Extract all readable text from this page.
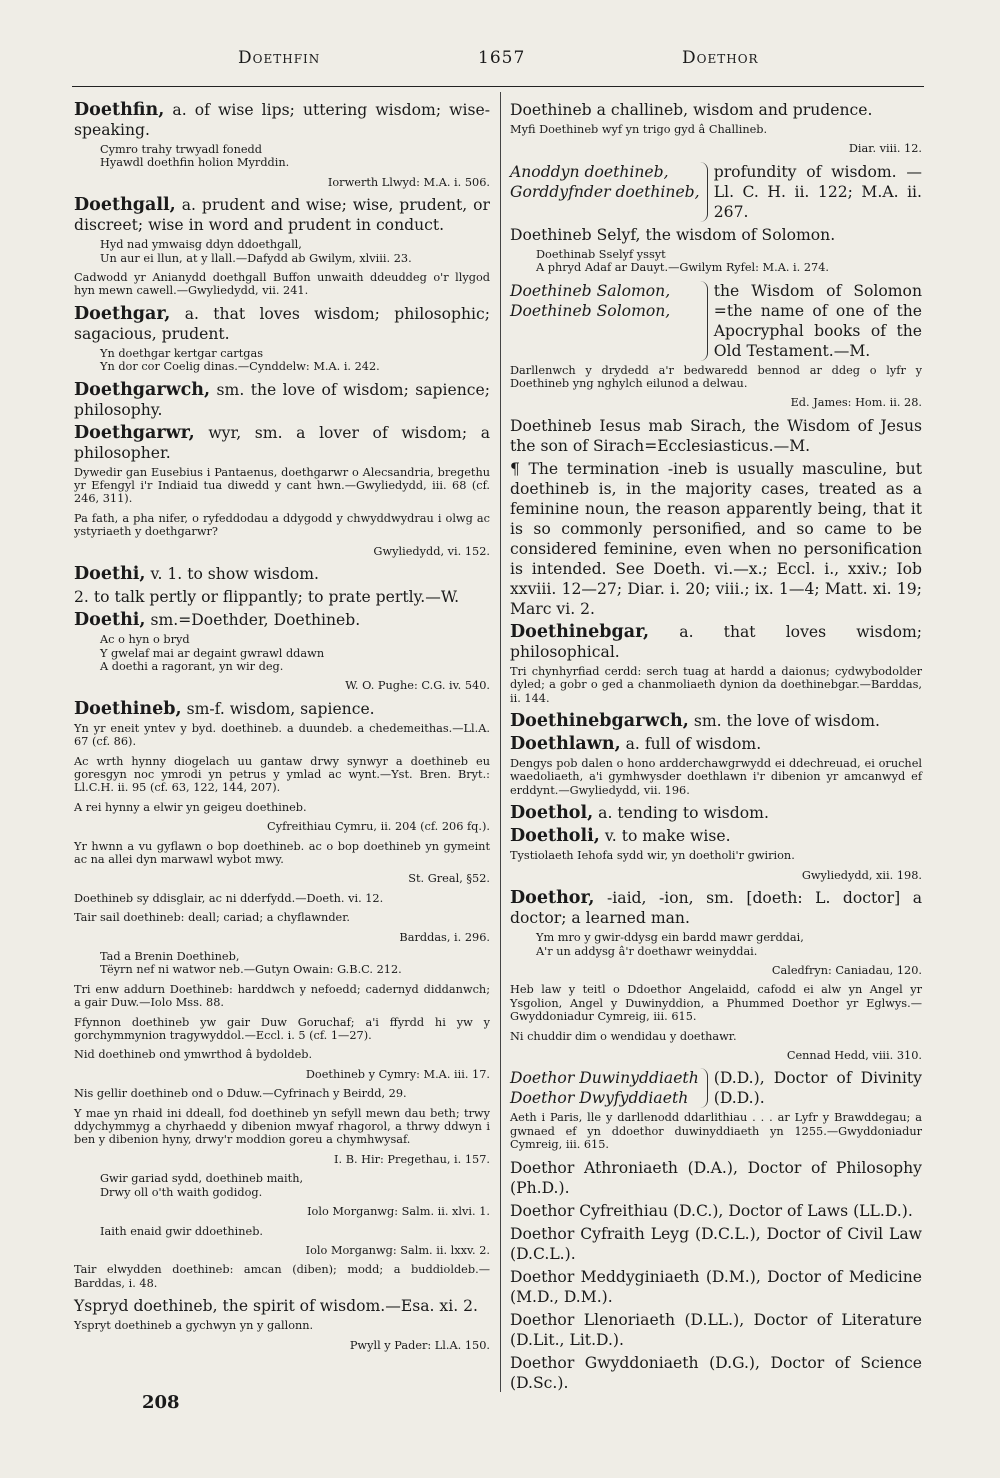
Doethfin	1657	Doethor

Doethfin, a. of wise lips; uttering wisdom; wise-speaking.

Cymro trahy trwyadl fonedd
Hyawdl doethfin holion Myrddin.

Iorwerth Llwyd: M.A. i. 506.

Doethgall, a. prudent and wise; wise, prudent, or discreet; wise in word and prudent in conduct.

Hyd nad ymwaisg ddyn ddoethgall,
Un aur ei llun, at y llall.—Dafydd ab Gwilym, xlviii. 23.

Cadwodd yr Anianydd doethgall Buffon unwaith ddeuddeg o'r llygod hyn mewn cawell.—Gwyliedydd, vii. 241.

Doethgar, a. that loves wisdom; philosophic; sagacious, prudent.

Yn doethgar kertgar cartgas
Yn dor cor Coelig dinas.—Cynddelw: M.A. i. 242.

Doethgarwch, sm. the love of wisdom; sapience; philosophy.

Doethgarwr, wyr, sm. a lover of wisdom; a philosopher.

Dywedir gan Eusebius i Pantaenus, doethgarwr o Alecsandria, bregethu yr Efengyl i'r Indiaid tua diwedd y cant hwn.—Gwyliedydd, iii. 68 (cf. 246, 311).

Pa fath, a pha nifer, o ryfeddodau a ddygodd y chwyddwydrau i olwg ac ystyriaeth y doethgarwr?

Gwyliedydd, vi. 152.

Doethi, v. 1. to show wisdom.

2. to talk pertly or flippantly; to prate pertly.—W.

Doethi, sm.=Doethder, Doethineb.

Ac o hyn o bryd
Y gwelaf mai ar degaint gwrawl ddawn
A doethi a ragorant, yn wir deg.

W. O. Pughe: C.G. iv. 540.

Doethineb, sm-f. wisdom, sapience.

Yn yr eneit yntev y byd. doethineb. a duundeb. a chedemeithas.—Ll.A. 67 (cf. 86).

Ac wrth hynny diogelach uu gantaw drwy synwyr a doethineb eu goresgyn noc ymrodi yn petrus y ymlad ac wynt.—Yst. Bren. Bryt.: Ll.C.H. ii. 95 (cf. 63, 122, 144, 207).

A rei hynny a elwir yn geigeu doethineb.

Cyfreithiau Cymru, ii. 204 (cf. 206 fq.).

Yr hwnn a vu gyflawn o bop doethineb. ac o bop doethineb yn gymeint ac na allei dyn marwawl wybot mwy.

St. Greal, §52.

Doethineb sy ddisglair, ac ni dderfydd.—Doeth. vi. 12.

Tair sail doethineb: deall; cariad; a chyflawnder.

Barddas, i. 296.

Tad a Brenin Doethineb,
Tëyrn nef ni watwor neb.—Gutyn Owain: G.B.C. 212.

Tri enw addurn Doethineb: harddwch y nefoedd; cadernyd diddanwch; a gair Duw.—Iolo Mss. 88.

Ffynnon doethineb yw gair Duw Goruchaf; a'i ffyrdd hi yw y gorchymmynion tragywyddol.—Eccl. i. 5 (cf. 1—27).

Nid doethineb ond ymwrthod â bydoldeb.

Doethineb y Cymry: M.A. iii. 17.

Nis gellir doethineb ond o Dduw.—Cyfrinach y Beirdd, 29.

Y mae yn rhaid ini ddeall, fod doethineb yn sefyll mewn dau beth; trwy ddychymmyg a chyrhaedd y dibenion mwyaf rhagorol, a thrwy ddwyn i ben y dibenion hyny, drwy'r moddion goreu a chymhwysaf.

I. B. Hir: Pregethau, i. 157.

Gwir gariad sydd, doethineb maith,
Drwy oll o'th waith godidog.

Iolo Morganwg: Salm. ii. xlvi. 1.

Iaith enaid gwir ddoethineb.

Iolo Morganwg: Salm. ii. lxxv. 2.

Tair elwydden doethineb: amcan (diben); modd; a buddioldeb.—Barddas, i. 48.

Yspryd doethineb, the spirit of wisdom.—Esa. xi. 2.

Yspryt doethineb a gychwyn yn y gallonn.

Pwyll y Pader: Ll.A. 150.

Doethineb a challineb, wisdom and prudence.

Myfi Doethineb wyf yn trigo gyd â Challineb.

Diar. viii. 12.

Anoddyn doethineb,
Gorddyfnder doethineb,	profundity of wisdom. —Ll. C. H. ii. 122; M.A. ii. 267.

Doethineb Selyf, the wisdom of Solomon.

Doethinab Sselyf yssyt
A phryd Adaf ar Dauyt.—Gwilym Ryfel: M.A. i. 274.

Doethineb Salomon,
Doethineb Solomon,	the Wisdom of Solomon =the name of one of the Apocryphal books of the Old Testament.—M.

Darllenwch y drydedd a'r bedwaredd bennod ar ddeg o lyfr y Doethineb yng nghylch eilunod a delwau.

Ed. James: Hom. ii. 28.

Doethineb Iesus mab Sirach, the Wisdom of Jesus the son of Sirach=Ecclesiasticus.—M.

¶ The termination -ineb is usually masculine, but doethineb is, in the majority cases, treated as a feminine noun, the reason apparently being, that it is so commonly personified, and so came to be considered feminine, even when no personification is intended. See Doeth. vi.—x.; Eccl. i., xxiv.; Iob xxviii. 12—27; Diar. i. 20; viii.; ix. 1—4; Matt. xi. 19; Marc vi. 2.

Doethinebgar, a. that loves wisdom; philosophical.

Tri chynhyrfiad cerdd: serch tuag at hardd a daionus; cydwybodolder dyled; a gobr o ged a chanmoliaeth dynion da doethinebgar.—Barddas, ii. 144.

Doethinebgarwch, sm. the love of wisdom.

Doethlawn, a. full of wisdom.

Dengys pob dalen o hono ardderchawgrwydd ei ddechreuad, ei oruchel waedoliaeth, a'i gymhwysder doethlawn i'r dibenion yr amcanwyd ef erddynt.—Gwyliedydd, vii. 196.

Doethol, a. tending to wisdom.

Doetholi, v. to make wise.

Tystiolaeth Iehofa sydd wir, yn doetholi'r gwirion.

Gwyliedydd, xii. 198.

Doethor, -iaid, -ion, sm. [doeth: L. doctor] a doctor; a learned man.

Ym mro y gwir-ddysg ein bardd mawr gerddai,
A'r un addysg â'r doethawr weinyddai.

Caledfryn: Caniadau, 120.

Heb law y teitl o Ddoethor Angelaidd, cafodd ei alw yn Angel yr Ysgolion, Angel y Duwinyddion, a Phummed Doethor yr Eglwys.—Gwyddoniadur Cymreig, iii. 615.

Ni chuddir dim o wendidau y doethawr.

Cennad Hedd, viii. 310.

Doethor Duwinyddiaeth
Doethor Dwyfyddiaeth	(D.D.), Doctor of Divinity (D.D.).

Aeth i Paris, lle y darllenodd ddarlithiau . . . ar Lyfr y Brawddegau; a gwnaed ef yn ddoethor duwinyddiaeth yn 1255.—Gwyddoniadur Cymreig, iii. 615.

Doethor Athroniaeth (D.A.), Doctor of Philosophy (Ph.D.).

Doethor Cyfreithiau (D.C.), Doctor of Laws (LL.D.).

Doethor Cyfraith Leyg (D.C.L.), Doctor of Civil Law (D.C.L.).

Doethor Meddyginiaeth (D.M.), Doctor of Medicine (M.D., D.M.).

Doethor Llenoriaeth (D.LL.), Doctor of Literature (D.Lit., Lit.D.).

Doethor Gwyddoniaeth (D.G.), Doctor of Science (D.Sc.).

208
